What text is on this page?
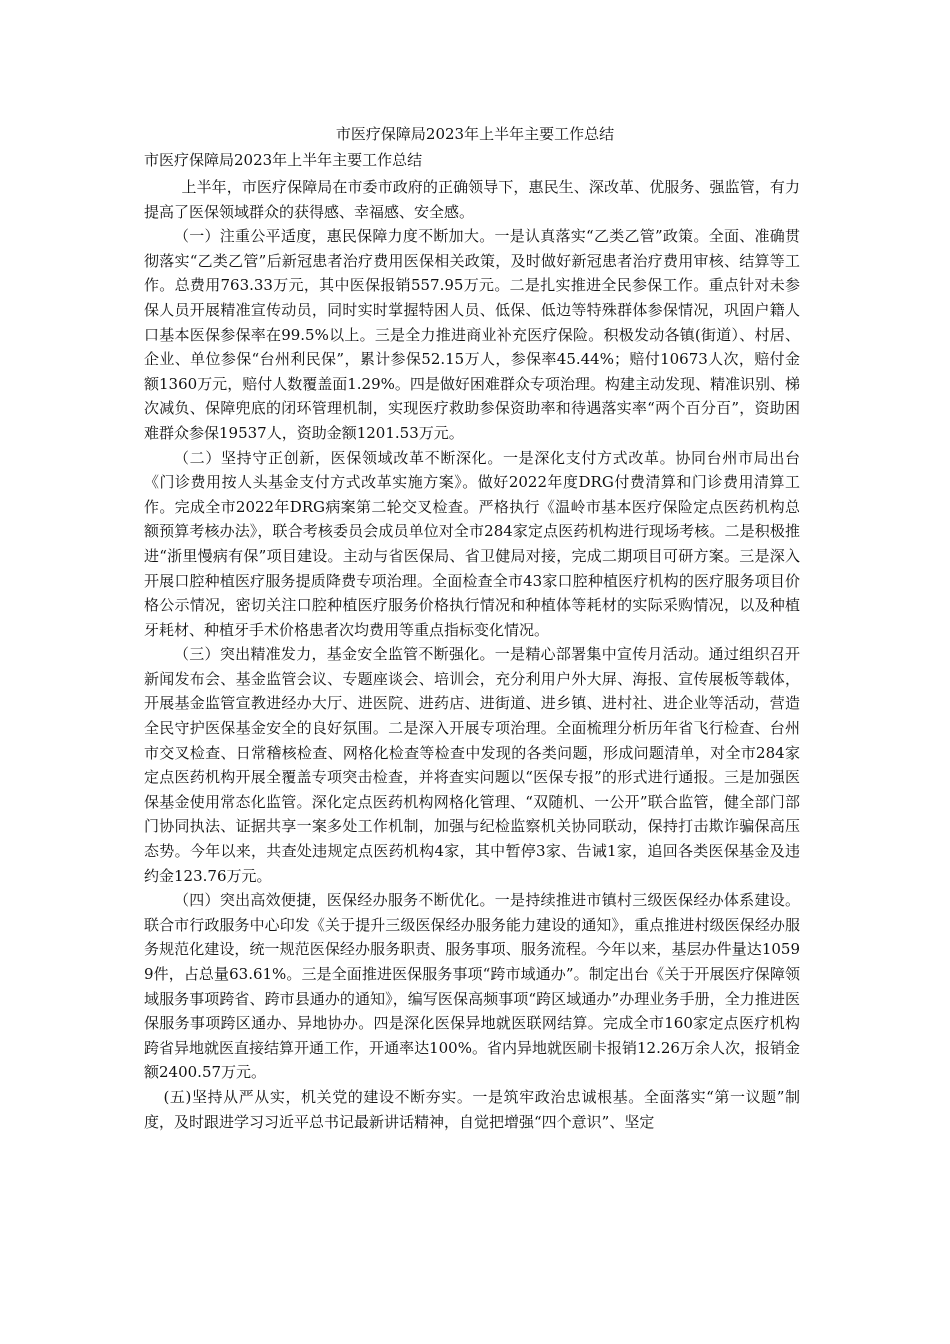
市医疗保障局2023年上半年主要工作总结
市医疗保障局2023年上半年主要工作总结

上半年，市医疗保障局在市委市政府的正确领导下，惠民生、深改革、优服务、强监管，有力提高了医保领域群众的获得感、幸福感、安全感。

（一）注重公平适度，惠民保障力度不断加大。一是认真落实“乙类乙管”政策。全面、准确贯彻落实“乙类乙管”后新冠患者治疗费用医保相关政策，及时做好新冠患者治疗费用审核、结算等工作。总费用763.33万元，其中医保报销557.95万元。二是扎实推进全民参保工作。重点针对未参保人员开展精准宣传动员，同时实时掌握特困人员、低保、低边等特殊群体参保情况，巩固户籍人口基本医保参保率在99.5%以上。三是全力推进商业补充医疗保险。积极发动各镇(街道）、村居、企业、单位参保“台州利民保”，累计参保52.15万人，参保率45.44%；赔付10673人次，赔付金额1360万元，赔付人数覆盖面1.29%。四是做好困难群众专项治理。构建主动发现、精准识别、梯次减负、保障兜底的闭环管理机制，实现医疗救助参保资助率和待遇落实率“两个百分百”，资助困难群众参保19537人，资助金额1201.53万元。

（二）坚持守正创新，医保领域改革不断深化。一是深化支付方式改革。协同台州市局出台《门诊费用按人头基金支付方式改革实施方案》。做好2022年度DRG付费清算和门诊费用清算工作。完成全市2022年DRG病案第二轮交叉检查。严格执行《温岭市基本医疗保险定点医药机构总额预算考核办法》，联合考核委员会成员单位对全市284家定点医药机构进行现场考核。二是积极推进“浙里慢病有保”项目建设。主动与省医保局、省卫健局对接，完成二期项目可研方案。三是深入开展口腔种植医疗服务提质降费专项治理。全面检查全市43家口腔种植医疗机构的医疗服务项目价格公示情况，密切关注口腔种植医疗服务价格执行情况和种植体等耗材的实际采购情况，以及种植牙耗材、种植牙手术价格患者次均费用等重点指标变化情况。

（三）突出精准发力，基金安全监管不断强化。一是精心部署集中宣传月活动。通过组织召开新闻发布会、基金监管会议、专题座谈会、培训会，充分利用户外大屏、海报、宣传展板等载体，开展基金监管宣教进经办大厅、进医院、进药店、进街道、进乡镇、进村社、进企业等活动，营造全民守护医保基金安全的良好氛围。二是深入开展专项治理。全面梳理分析历年省飞行检查、台州市交叉检查、日常稽核检查、网格化检查等检查中发现的各类问题，形成问题清单，对全市284家定点医药机构开展全覆盖专项突击检查，并将查实问题以“医保专报”的形式进行通报。三是加强医保基金使用常态化监管。深化定点医药机构网格化管理、“双随机、一公开”联合监管，健全部门部门协同执法、证据共享一案多处工作机制，加强与纪检监察机关协同联动，保持打击欺诈骗保高压态势。今年以来，共查处违规定点医药机构4家，其中暂停3家、告诫1家，追回各类医保基金及违约金123.76万元。

（四）突出高效便捷，医保经办服务不断优化。一是持续推进市镇村三级医保经办体系建设。联合市行政服务中心印发《关于提升三级医保经办服务能力建设的通知》，重点推进村级医保经办服务规范化建设，统一规范医保经办服务职责、服务事项、服务流程。今年以来，基层办件量达10599件，占总量63.61%。三是全面推进医保服务事项“跨市域通办”。制定出台《关于开展医疗保障领域服务事项跨省、跨市县通办的通知》，编写医保高频事项“跨区域通办”办理业务手册，全力推进医保服务事项跨区通办、异地协办。四是深化医保异地就医联网结算。完成全市160家定点医疗机构跨省异地就医直接结算开通工作，开通率达100%。省内异地就医刷卡报销12.26万余人次，报销金额2400.57万元。

(五)坚持从严从实，机关党的建设不断夯实。一是筑牢政治忠诚根基。全面落实“第一议题”制度，及时跟进学习习近平总书记最新讲话精神，自觉把增强“四个意识”、坚定
